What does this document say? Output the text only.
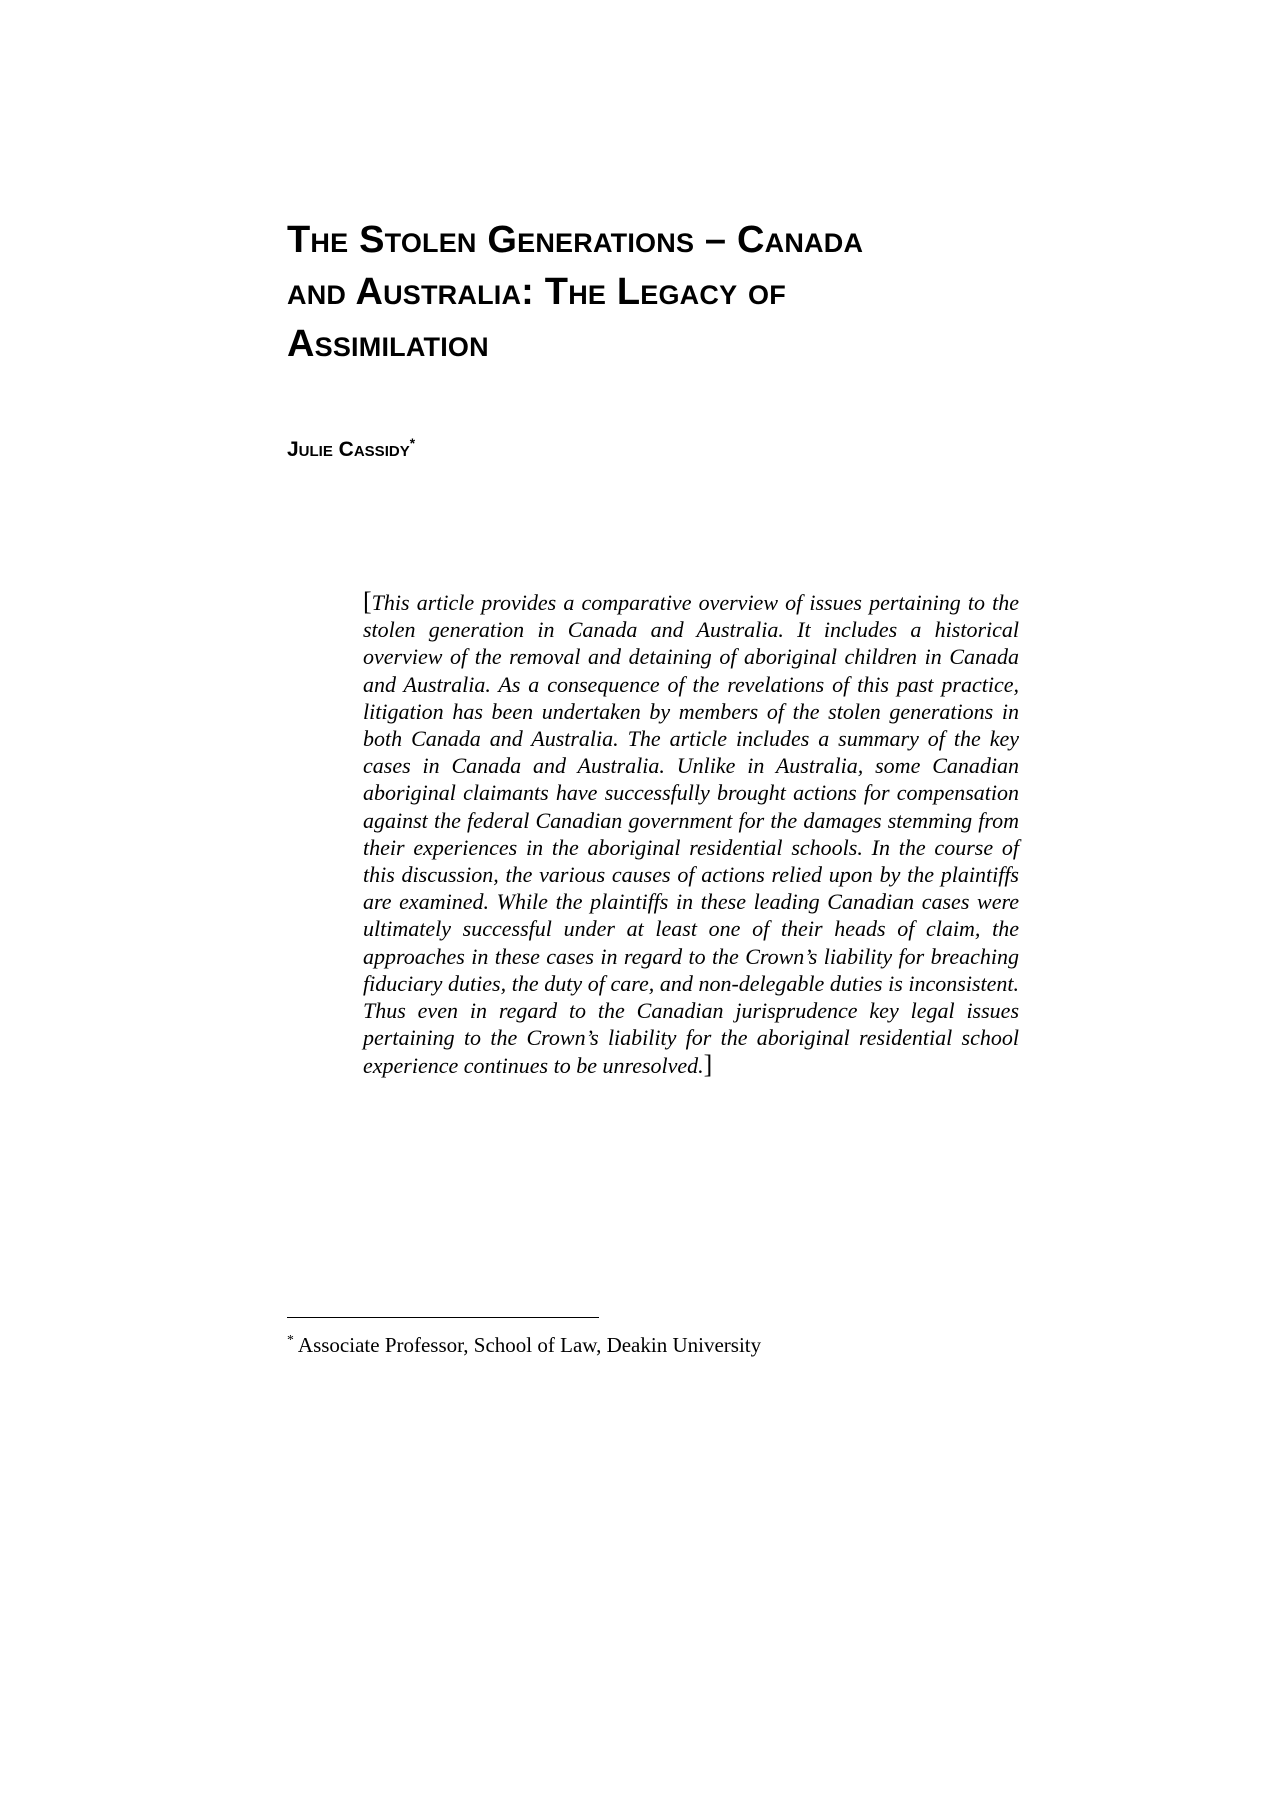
The Stolen Generations – Canada
and Australia: The Legacy of
Assimilation

Julie Cassidy*

[This article provides a comparative overview of issues pertaining to the stolen generation in Canada and Australia. It includes a historical overview of the removal and detaining of aboriginal children in Canada and Australia. As a consequence of the revelations of this past practice, litigation has been undertaken by members of the stolen generations in both Canada and Australia. The article includes a summary of the key cases in Canada and Australia. Unlike in Australia, some Canadian aboriginal claimants have successfully brought actions for compensation against the federal Canadian government for the damages stemming from their experiences in the aboriginal residential schools. In the course of this discussion, the various causes of actions relied upon by the plaintiffs are examined. While the plaintiffs in these leading Canadian cases were ultimately successful under at least one of their heads of claim, the approaches in these cases in regard to the Crown’s liability for breaching fiduciary duties, the duty of care, and non-delegable duties is inconsistent. Thus even in regard to the Canadian jurisprudence key legal issues pertaining to the Crown’s liability for the aboriginal residential school experience continues to be unresolved.]

* Associate Professor, School of Law, Deakin University
